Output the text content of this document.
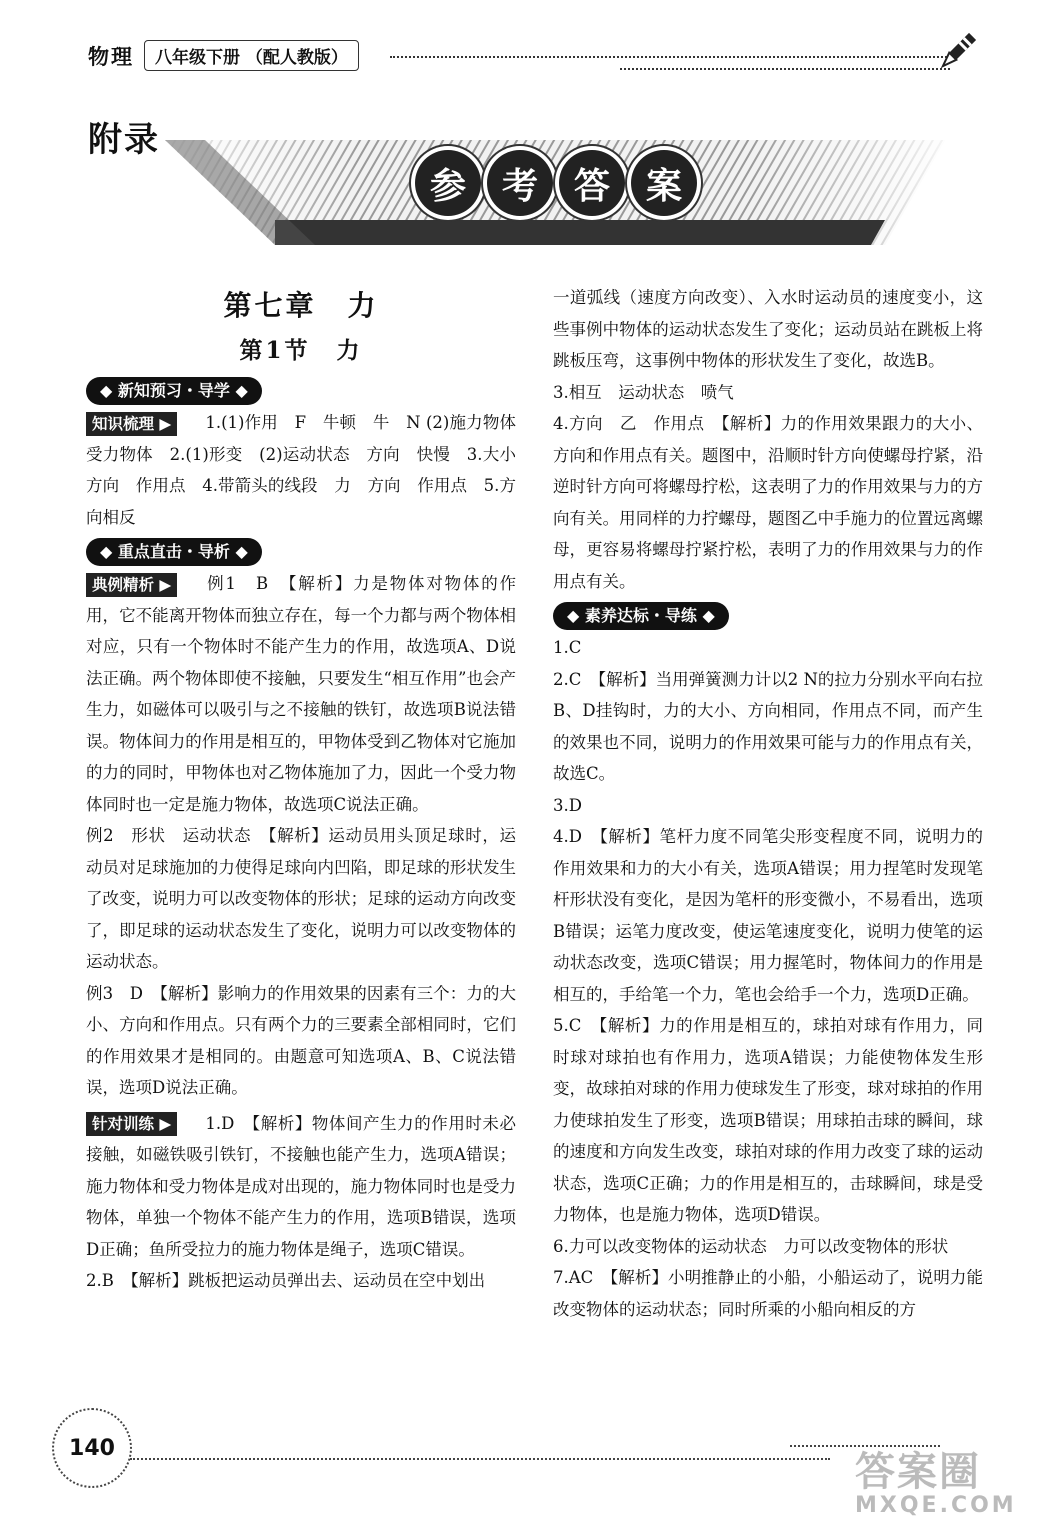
物理	八年级下册 （配人教版）
附录
参 考 答 案
第七章　力
第1节　力
◆ 新知预习・导学 ◆

知识梳理 ▶ 1.(1)作用　F　牛顿　牛　N (2)施力物体　受力物体　2.(1)形变　(2)运动状态　方向　快慢　3.大小　方向　作用点　4.带箭头的线段　力　方向　作用点　5.方向相反

◆ 重点直击・导析 ◆

典例精析 ▶ 例1　B　【解析】力是物体对物体的作用，它不能离开物体而独立存在，每一个力都与两个物体相对应，只有一个物体时不能产生力的作用，故选项A、D说法正确。两个物体即使不接触，只要发生“相互作用”也会产生力，如磁体可以吸引与之不接触的铁钉，故选项B说法错误。物体间力的作用是相互的，甲物体受到乙物体对它施加的力的同时，甲物体也对乙物体施加了力，因此一个受力物体同时也一定是施力物体，故选项C说法正确。

例2　形状　运动状态　【解析】运动员用头顶足球时，运动员对足球施加的力使得足球向内凹陷，即足球的形状发生了改变，说明力可以改变物体的形状；足球的运动方向改变了，即足球的运动状态发生了变化，说明力可以改变物体的运动状态。

例3　D　【解析】影响力的作用效果的因素有三个：力的大小、方向和作用点。只有两个力的三要素全部相同时，它们的作用效果才是相同的。由题意可知选项A、B、C说法错误，选项D说法正确。

针对训练 ▶ 1.D　【解析】物体间产生力的作用时未必接触，如磁铁吸引铁钉，不接触也能产生力，选项A错误；施力物体和受力物体是成对出现的，施力物体同时也是受力物体，单独一个物体不能产生力的作用，选项B错误，选项D正确；鱼所受拉力的施力物体是绳子，选项C错误。

2.B　【解析】跳板把运动员弹出去、运动员在空中划出

一道弧线（速度方向改变）、入水时运动员的速度变小，这些事例中物体的运动状态发生了变化；运动员站在跳板上将跳板压弯，这事例中物体的形状发生了变化，故选B。

3.相互　运动状态　喷气

4.方向　乙　作用点　【解析】力的作用效果跟力的大小、方向和作用点有关。题图中，沿顺时针方向使螺母拧紧，沿逆时针方向可将螺母拧松，这表明了力的作用效果与力的方向有关。用同样的力拧螺母，题图乙中手施力的位置远离螺母，更容易将螺母拧紧拧松，表明了力的作用效果与力的作用点有关。

◆ 素养达标・导练 ◆

1.C

2.C　【解析】当用弹簧测力计以2 N的拉力分别水平向右拉B、D挂钩时，力的大小、方向相同，作用点不同，而产生的效果也不同，说明力的作用效果可能与力的作用点有关，故选C。

3.D

4.D　【解析】笔杆力度不同笔尖形变程度不同，说明力的作用效果和力的大小有关，选项A错误；用力捏笔时发现笔杆形状没有变化，是因为笔杆的形变微小，不易看出，选项B错误；运笔力度改变，使运笔速度变化，说明力使笔的运动状态改变，选项C错误；用力握笔时，物体间力的作用是相互的，手给笔一个力，笔也会给手一个力，选项D正确。

5.C　【解析】力的作用是相互的，球拍对球有作用力，同时球对球拍也有作用力，选项A错误；力能使物体发生形变，故球拍对球的作用力使球发生了形变，球对球拍的作用力使球拍发生了形变，选项B错误；用球拍击球的瞬间，球的速度和方向发生改变，球拍对球的作用力改变了球的运动状态，选项C正确；力的作用是相互的，击球瞬间，球是受力物体，也是施力物体，选项D错误。

6.力可以改变物体的运动状态　力可以改变物体的形状

7.AC　【解析】小明推静止的小船，小船运动了，说明力能改变物体的运动状态；同时所乘的小船向相反的方

140
答案圈
MXQE.COM
